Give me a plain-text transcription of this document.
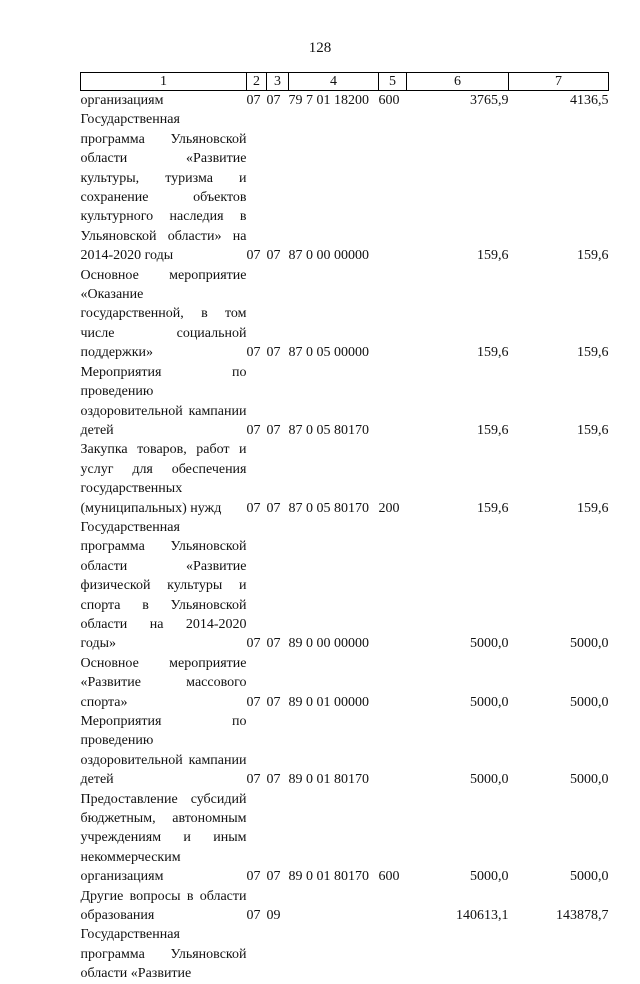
128
1	2	3	4	5	6	7

организациям	07	07	79 7 01 18200	600	3765,9	4136,5

Государственная программа Ульяновской области «Развитие культуры, туризма и сохранение объектов культурного наследия в Ульяновской области» на 2014-2020 годы	07	07	87 0 00 00000		159,6	159,6

Основное мероприятие «Оказание государственной, в том числе социальной поддержки»	07	07	87 0 05 00000		159,6	159,6

Мероприятия по проведению оздоровительной кампании детей	07	07	87 0 05 80170		159,6	159,6

Закупка товаров, работ и услуг для обеспечения государственных (муниципальных) нужд	07	07	87 0 05 80170	200	159,6	159,6

Государственная программа Ульяновской области «Развитие физической культуры и спорта в Ульяновской области на 2014-2020 годы»	07	07	89 0 00 00000		5000,0	5000,0

Основное мероприятие «Развитие массового спорта»	07	07	89 0 01 00000		5000,0	5000,0

Мероприятия по проведению оздоровительной кампании детей	07	07	89 0 01 80170		5000,0	5000,0

Предоставление субсидий бюджетным, автономным учреждениям и иным некоммерческим организациям	07	07	89 0 01 80170	600	5000,0	5000,0

Другие вопросы в области образования	07	09			140613,1	143878,7

Государственная программа Ульяновской области «Развитие						
